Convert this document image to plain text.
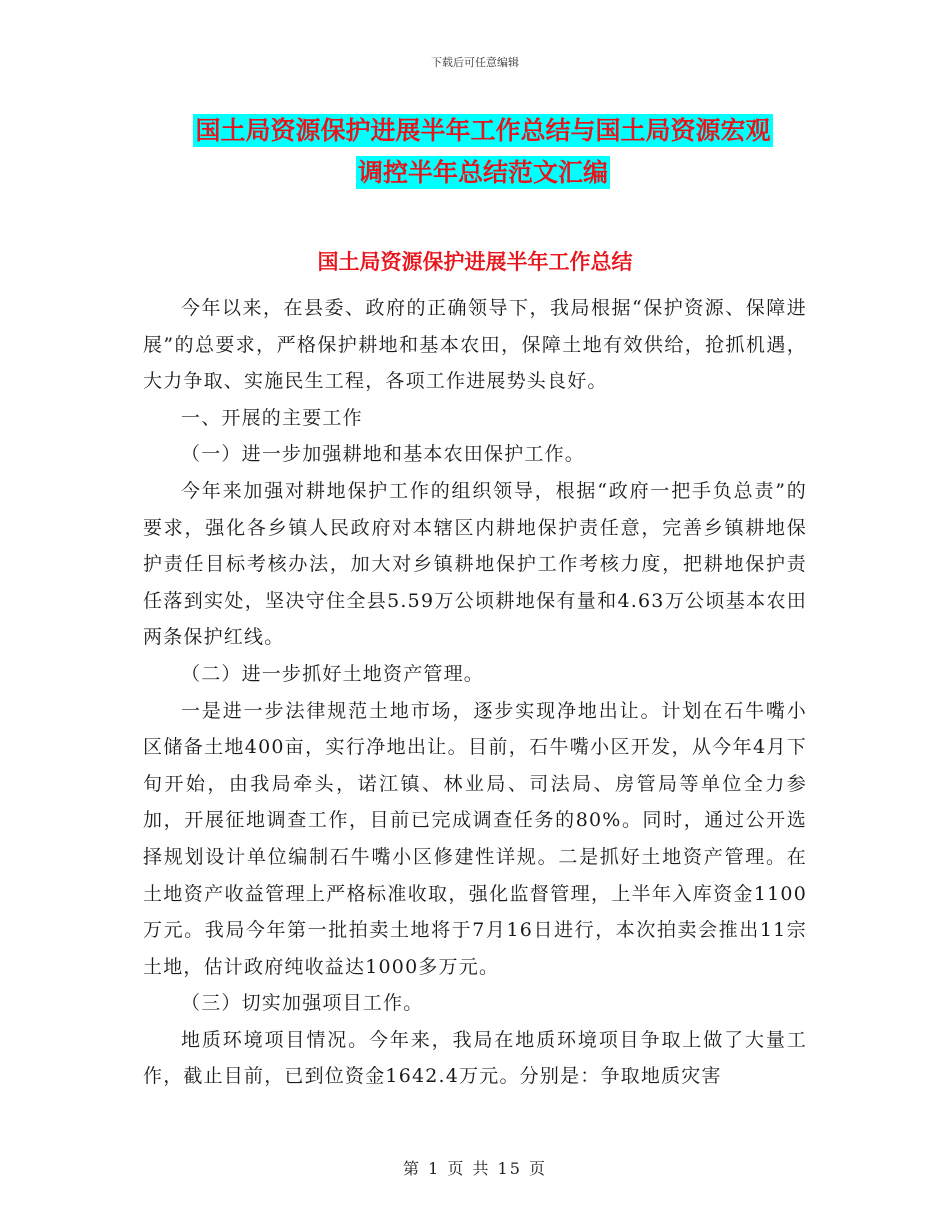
下载后可任意编辑
国土局资源保护进展半年工作总结与国土局资源宏观
调控半年总结范文汇编
国土局资源保护进展半年工作总结

今年以来，在县委、政府的正确领导下，我局根据“保护资源、保障进展”的总要求，严格保护耕地和基本农田，保障土地有效供给，抢抓机遇，大力争取、实施民生工程，各项工作进展势头良好。

一、开展的主要工作

（一）进一步加强耕地和基本农田保护工作。

今年来加强对耕地保护工作的组织领导，根据“政府一把手负总责”的要求，强化各乡镇人民政府对本辖区内耕地保护责任意，完善乡镇耕地保护责任目标考核办法，加大对乡镇耕地保护工作考核力度，把耕地保护责任落到实处，坚决守住全县5.59万公顷耕地保有量和4.63万公顷基本农田两条保护红线。

（二）进一步抓好土地资产管理。

一是进一步法律规范土地市场，逐步实现净地出让。计划在石牛嘴小区储备土地400亩，实行净地出让。目前，石牛嘴小区开发，从今年4月下旬开始，由我局牵头，诺江镇、林业局、司法局、房管局等单位全力参加，开展征地调查工作，目前已完成调查任务的80%。同时，通过公开选择规划设计单位编制石牛嘴小区修建性详规。二是抓好土地资产管理。在土地资产收益管理上严格标准收取，强化监督管理，上半年入库资金1100万元。我局今年第一批拍卖土地将于7月16日进行，本次拍卖会推出11宗土地，估计政府纯收益达1000多万元。

（三）切实加强项目工作。

地质环境项目情况。今年来，我局在地质环境项目争取上做了大量工作，截止目前，已到位资金1642.4万元。分别是：争取地质灾害

第 1 页 共 15 页
